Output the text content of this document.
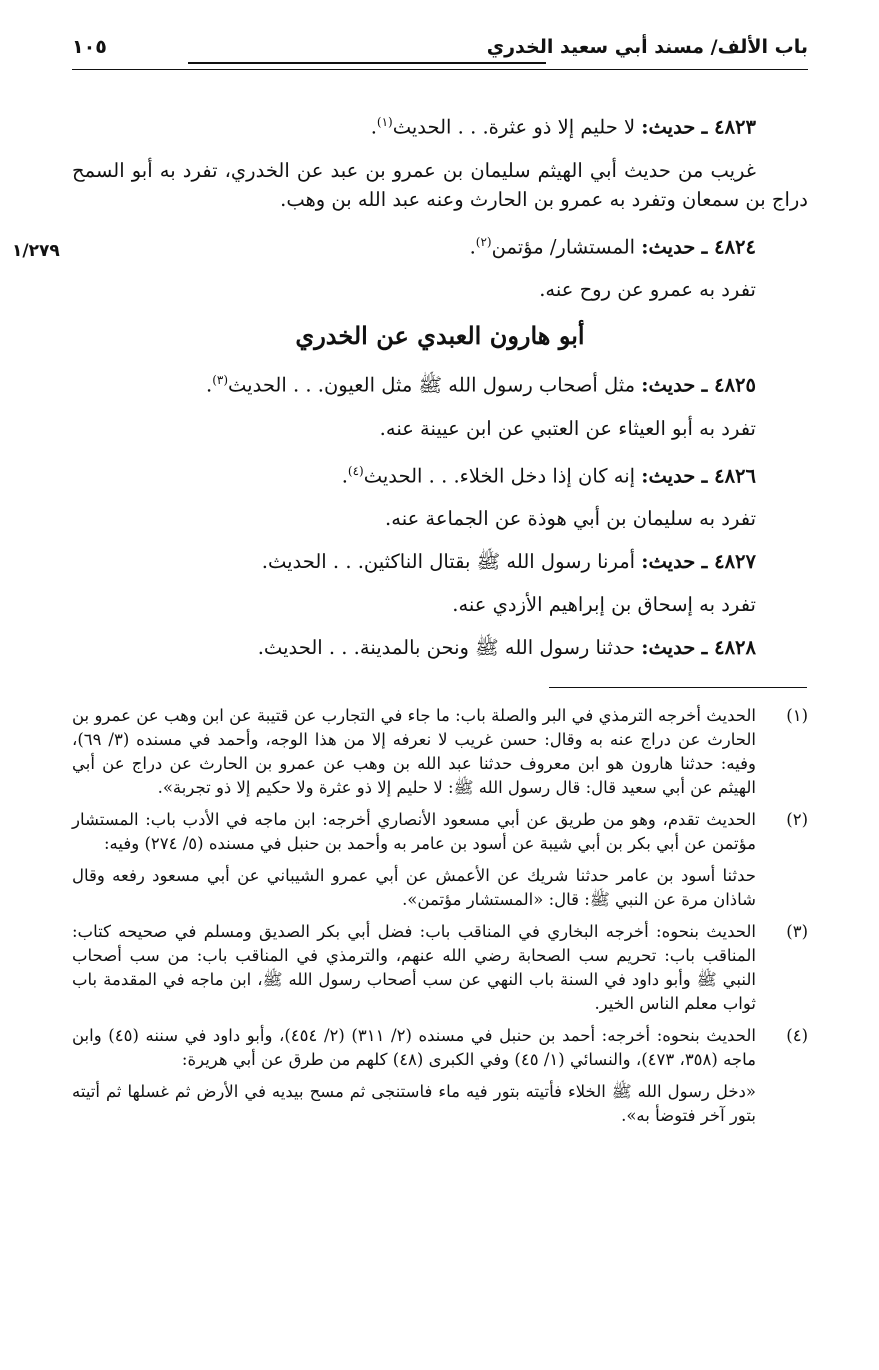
باب الألف/ مسند أبي سعيد الخدري
١٠٥
١/٢٧٩

٤٨٢٣ ـ حديث: لا حليم إلا ذو عثرة. . . الحديث$^{(١)}$.

غريب من حديث أبي الهيثم سليمان بن عمرو بن عبد عن الخدري، تفرد به أبو السمح دراج بن سمعان وتفرد به عمرو بن الحارث وعنه عبد الله بن وهب.

٤٨٢٤ ـ حديث: المستشار/ مؤتمن$^{(٢)}$.

تفرد به عمرو عن روح عنه.

أبو هارون العبدي عن الخدري

٤٨٢٥ ـ حديث: مثل أصحاب رسول الله ﷺ مثل العيون. . . الحديث$^{(٣)}$.

تفرد به أبو العيثاء عن العتبي عن ابن عيينة عنه.

٤٨٢٦ ـ حديث: إنه كان إذا دخل الخلاء. . . الحديث$^{(٤)}$.

تفرد به سليمان بن أبي هوذة عن الجماعة عنه.

٤٨٢٧ ـ حديث: أمرنا رسول الله ﷺ بقتال الناكثين. . . الحديث.

تفرد به إسحاق بن إبراهيم الأزدي عنه.

٤٨٢٨ ـ حديث: حدثنا رسول الله ﷺ ونحن بالمدينة. . . الحديث.

(١)
الحديث أخرجه الترمذي في البر والصلة باب: ما جاء في التجارب عن قتيبة عن ابن وهب عن عمرو بن الحارث عن دراج عنه به وقال: حسن غريب لا نعرفه إلا من هذا الوجه، وأحمد في مسنده (٣/ ٦٩)، وفيه: حدثنا هارون هو ابن معروف حدثنا عبد الله بن وهب عن عمرو بن الحارث عن دراج عن أبي الهيثم عن أبي سعيد قال: قال رسول الله ﷺ: لا حليم إلا ذو عثرة ولا حكيم إلا ذو تجربة».
(٢)
الحديث تقدم، وهو من طريق عن أبي مسعود الأنصاري أخرجه: ابن ماجه في الأدب باب: المستشار مؤتمن عن أبي بكر بن أبي شيبة عن أسود بن عامر به وأحمد بن حنبل في مسنده (٥/ ٢٧٤) وفيه:
حدثنا أسود بن عامر حدثنا شريك عن الأعمش عن أبي عمرو الشيباني عن أبي مسعود رفعه وقال شاذان مرة عن النبي ﷺ: قال: «المستشار مؤتمن».
(٣)
الحديث بنحوه: أخرجه البخاري في المناقب باب: فضل أبي بكر الصديق ومسلم في صحيحه كتاب: المناقب باب: تحريم سب الصحابة رضي الله عنهم، والترمذي في المناقب باب: من سب أصحاب النبي ﷺ وأبو داود في السنة باب النهي عن سب أصحاب رسول الله ﷺ، ابن ماجه في المقدمة باب ثواب معلم الناس الخير.
(٤)
الحديث بنحوه: أخرجه: أحمد بن حنبل في مسنده (٢/ ٣١١) (٢/ ٤٥٤)، وأبو داود في سننه (٤٥) وابن ماجه (٣٥٨، ٤٧٣)، والنسائي (١/ ٤٥) وفي الكبرى (٤٨) كلهم من طرق عن أبي هريرة:
«دخل رسول الله ﷺ الخلاء فأتيته بتور فيه ماء فاستنجى ثم مسح بيديه في الأرض ثم غسلها ثم أتيته بتور آخر فتوضأ به».
